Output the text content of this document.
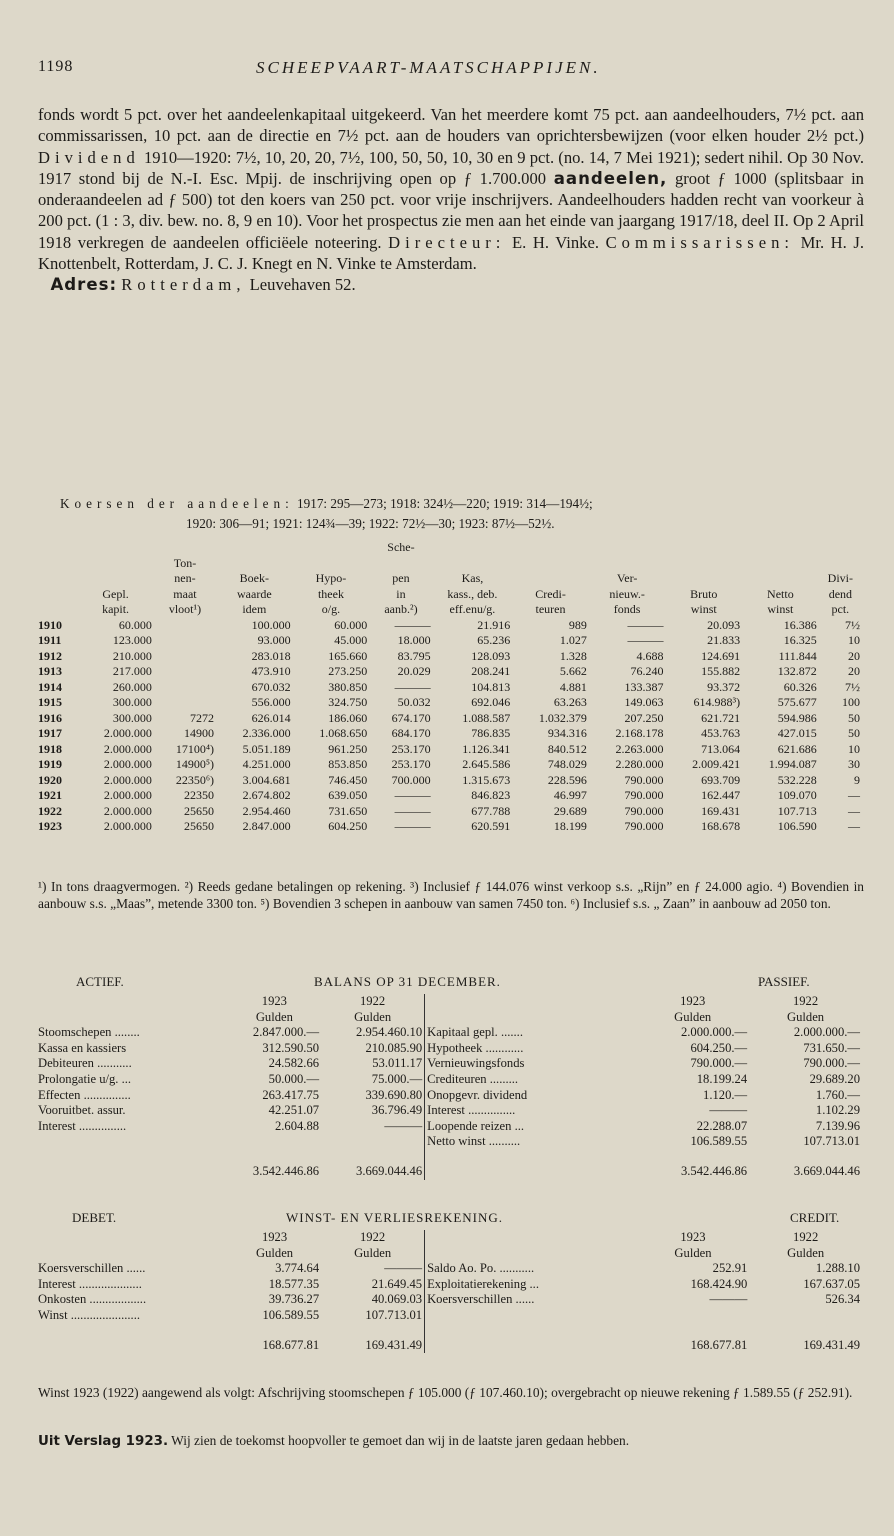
1198	SCHEEPVAART-MAATSCHAPPIJEN.
fonds wordt 5 pct. over het aandeelenkapitaal uitgekeerd. Van het meerdere komt 75 pct. aan aandeelhouders, 7½ pct. aan commissarissen, 10 pct. aan de directie en 7½ pct. aan de houders van oprichtersbewijzen (voor elken houder 2½ pct.) Dividend 1910—1920: 7½, 10, 20, 20, 7½, 100, 50, 50, 10, 30 en 9 pct. (no. 14, 7 Mei 1921); sedert nihil. Op 30 Nov. 1917 stond bij de N.-I. Esc. Mpij. de inschrijving open op ƒ 1.700.000 aandeelen, groot ƒ 1000 (splitsbaar in onderaandeelen ad ƒ 500) tot den koers van 250 pct. voor vrije inschrijvers. Aandeelhouders hadden recht van voorkeur à 200 pct. (1 : 3, div. bew. no. 8, 9 en 10). Voor het prospectus zie men aan het einde van jaargang 1917/18, deel II. Op 2 April 1918 verkregen de aandeelen officiëele noteering. Directeur: E. H. Vinke. Commissarissen: Mr. H. J. Knottenbelt, Rotterdam, J. C. J. Knegt en N. Vinke te Amsterdam.
Adres: Rotterdam, Leuvehaven 52.
Koersen der aandeelen: 1917: 295—273; 1918: 324½—220; 1919: 314—194½;
1920: 306—91; 1921: 124¾—39; 1922: 72½—30; 1923: 87½—52½.
					Sche-						
		Ton-									
		nen-	Boek-	Hypo-	pen	Kas,		Ver-			Divi-
	Gepl.	maat	waarde	theek	in	kass., deb.	Credi-	nieuw.-	Bruto	Netto	dend
	kapit.	vloot¹)	idem	o/g.	aanb.²)	eff.enu/g.	teuren	fonds	winst	winst	pct.
1910	60.000		100.000	60.000	———	21.916	989	———	20.093	16.386	7½
1911	123.000		93.000	45.000	18.000	65.236	1.027	———	21.833	16.325	10
1912	210.000		283.018	165.660	83.795	128.093	1.328	4.688	124.691	111.844	20
1913	217.000		473.910	273.250	20.029	208.241	5.662	76.240	155.882	132.872	20
1914	260.000		670.032	380.850	———	104.813	4.881	133.387	93.372	60.326	7½
1915	300.000		556.000	324.750	50.032	692.046	63.263	149.063	614.988³)	575.677	100
1916	300.000	7272	626.014	186.060	674.170	1.088.587	1.032.379	207.250	621.721	594.986	50
1917	2.000.000	14900	2.336.000	1.068.650	684.170	786.835	934.316	2.168.178	453.763	427.015	50
1918	2.000.000	17100⁴)	5.051.189	961.250	253.170	1.126.341	840.512	2.263.000	713.064	621.686	10
1919	2.000.000	14900⁵)	4.251.000	853.850	253.170	2.645.586	748.029	2.280.000	2.009.421	1.994.087	30
1920	2.000.000	22350⁶)	3.004.681	746.450	700.000	1.315.673	228.596	790.000	693.709	532.228	9
1921	2.000.000	22350	2.674.802	639.050	———	846.823	46.997	790.000	162.447	109.070	—
1922	2.000.000	25650	2.954.460	731.650	———	677.788	29.689	790.000	169.431	107.713	—
1923	2.000.000	25650	2.847.000	604.250	———	620.591	18.199	790.000	168.678	106.590	—
¹) In tons draagvermogen. ²) Reeds gedane betalingen op rekening. ³) Inclusief ƒ 144.076 winst verkoop s.s. „Rijn” en ƒ 24.000 agio. ⁴) Bovendien in aanbouw s.s. „Maas”, metende 3300 ton. ⁵) Bovendien 3 schepen in aanbouw van samen 7450 ton. ⁶) Inclusief s.s. „ Zaan” in aanbouw ad 2050 ton.
ACTIEF.	BALANS OP 31 DECEMBER.	PASSIEF.
	1923	1922		1923	1922
	Gulden	Gulden		Gulden	Gulden
Stoomschepen ........	2.847.000.—	2.954.460.10	Kapitaal gepl. .......	2.000.000.—	2.000.000.—
Kassa en kassiers	312.590.50	210.085.90	Hypotheek ............	604.250.—	731.650.—
Debiteuren ...........	24.582.66	53.011.17	Vernieuwingsfonds	790.000.—	790.000.—
Prolongatie u/g. ...	50.000.—	75.000.—	Crediteuren .........	18.199.24	29.689.20
Effecten ...............	263.417.75	339.690.80	Onopgevr. dividend	1.120.—	1.760.—
Vooruitbet. assur.	42.251.07	36.796.49	Interest ...............	———	1.102.29
Interest ...............	2.604.88	———	Loopende reizen ...	22.288.07	7.139.96
			Netto winst ..........	106.589.55	107.713.01
	3.542.446.86	3.669.044.46		3.542.446.86	3.669.044.46
DEBET.	WINST- EN VERLIESREKENING.	CREDIT.
	1923	1922		1923	1922
	Gulden	Gulden		Gulden	Gulden
Koersverschillen ......	3.774.64	———	Saldo Ao. Po. ...........	252.91	1.288.10
Interest ....................	18.577.35	21.649.45	Exploitatierekening ...	168.424.90	167.637.05
Onkosten ..................	39.736.27	40.069.03	Koersverschillen ......	———	526.34
Winst ......................	106.589.55	107.713.01			
	168.677.81	169.431.49		168.677.81	169.431.49
Winst 1923 (1922) aangewend als volgt: Afschrijving stoomschepen ƒ 105.000 (ƒ 107.460.10); overgebracht op nieuwe rekening ƒ 1.589.55 (ƒ 252.91).
Uit Verslag 1923. Wij zien de toekomst hoopvoller te gemoet dan wij in de laatste jaren gedaan hebben.
